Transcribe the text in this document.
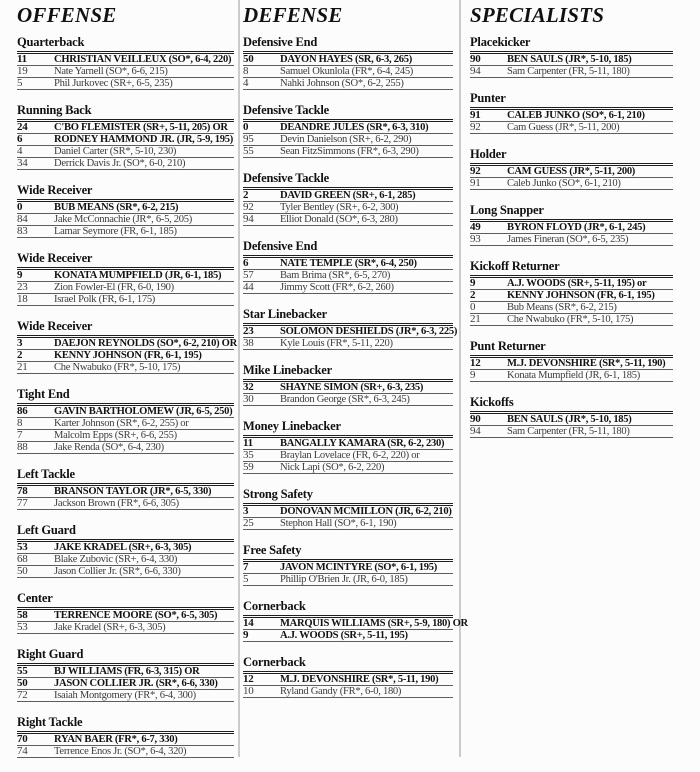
OFFENSE
Quarterback
11	CHRISTIAN VEILLEUX (SO*, 6-4, 220)
19	Nate Yarnell (SO*, 6-6, 215)
5	Phil Jurkovec (SR+, 6-5, 235)
Running Back
24	C'BO FLEMISTER (SR+, 5-11, 205) OR
6	RODNEY HAMMOND JR. (JR, 5-9, 195)
4	Daniel Carter (SR*, 5-10, 230)
34	Derrick Davis Jr. (SO*, 6-0, 210)
Wide Receiver
0	BUB MEANS (SR*, 6-2, 215)
84	Jake McConnachie (JR*, 6-5, 205)
83	Lamar Seymore (FR, 6-1, 185)
Wide Receiver
9	KONATA MUMPFIELD (JR, 6-1, 185)
23	Zion Fowler-El (FR, 6-0, 190)
18	Israel Polk (FR, 6-1, 175)
Wide Receiver
3	DAEJON REYNOLDS (SO*, 6-2, 210) OR
2	KENNY JOHNSON (FR, 6-1, 195)
21	Che Nwabuko (FR*, 5-10, 175)
Tight End
86	GAVIN BARTHOLOMEW (JR, 6-5, 250)
8	Karter Johnson (SR*, 6-2, 255) or
7	Malcolm Epps (SR+, 6-6, 255)
88	Jake Renda (SO*, 6-4, 230)
Left Tackle
78	BRANSON TAYLOR (JR*, 6-5, 330)
77	Jackson Brown (FR*, 6-6, 305)
Left Guard
53	JAKE KRADEL (SR+, 6-3, 305)
68	Blake Zubovic (SR+, 6-4, 330)
50	Jason Collier Jr. (SR*, 6-6, 330)
Center
58	TERRENCE MOORE (SO*, 6-5, 305)
53	Jake Kradel (SR+, 6-3, 305)
Right Guard
55	BJ WILLIAMS (FR, 6-3, 315) OR
50	JASON COLLIER JR. (SR*, 6-6, 330)
72	Isaiah Montgomery (FR*, 6-4, 300)
Right Tackle
70	RYAN BAER (FR*, 6-7, 330)
74	Terrence Enos Jr. (SO*, 6-4, 320)
DEFENSE
Defensive End
50	DAYON HAYES (SR, 6-3, 265)
8	Samuel Okunlola (FR*, 6-4, 245)
4	Nahki Johnson (SO*, 6-2, 255)
Defensive Tackle
0	DEANDRE JULES (SR*, 6-3, 310)
95	Devin Danielson (SR+, 6-2, 290)
55	Sean FitzSimmons (FR*, 6-3, 290)
Defensive Tackle
2	DAVID GREEN (SR+, 6-1, 285)
92	Tyler Bentley (SR+, 6-2, 300)
94	Elliot Donald (SO*, 6-3, 280)
Defensive End
6	NATE TEMPLE (SR*, 6-4, 250)
57	Bam Brima (SR*, 6-5, 270)
44	Jimmy Scott (FR*, 6-2, 260)
Star Linebacker
23	SOLOMON DESHIELDS (JR*, 6-3, 225)
38	Kyle Louis (FR*, 5-11, 220)
Mike Linebacker
32	SHAYNE SIMON (SR+, 6-3, 235)
30	Brandon George (SR*, 6-3, 245)
Money Linebacker
11	BANGALLY KAMARA (SR, 6-2, 230)
35	Braylan Lovelace (FR, 6-2, 220) or
59	Nick Lapi (SO*, 6-2, 220)
Strong Safety
3	DONOVAN MCMILLON (JR, 6-2, 210)
25	Stephon Hall (SO*, 6-1, 190)
Free Safety
7	JAVON MCINTYRE (SO*, 6-1, 195)
5	Phillip O'Brien Jr. (JR, 6-0, 185)
Cornerback
14	MARQUIS WILLIAMS (SR+, 5-9, 180) OR
9	A.J. WOODS (SR+, 5-11, 195)
Cornerback
12	M.J. DEVONSHIRE (SR*, 5-11, 190)
10	Ryland Gandy (FR*, 6-0, 180)
SPECIALISTS
Placekicker
90	BEN SAULS (JR*, 5-10, 185)
94	Sam Carpenter (FR, 5-11, 180)
Punter
91	CALEB JUNKO (SO*, 6-1, 210)
92	Cam Guess (JR*, 5-11, 200)
Holder
92	CAM GUESS (JR*, 5-11, 200)
91	Caleb Junko (SO*, 6-1, 210)
Long Snapper
49	BYRON FLOYD (JR*, 6-1, 245)
93	James Fineran (SO*, 6-5, 235)
Kickoff Returner
9	A.J. WOODS (SR+, 5-11, 195) or
2	KENNY JOHNSON (FR, 6-1, 195)
0	Bub Means (SR*, 6-2, 215)
21	Che Nwabuko (FR*, 5-10, 175)
Punt Returner
12	M.J. DEVONSHIRE (SR*, 5-11, 190)
9	Konata Mumpfield (JR, 6-1, 185)
Kickoffs
90	BEN SAULS (JR*, 5-10, 185)
94	Sam Carpenter (FR, 5-11, 180)
